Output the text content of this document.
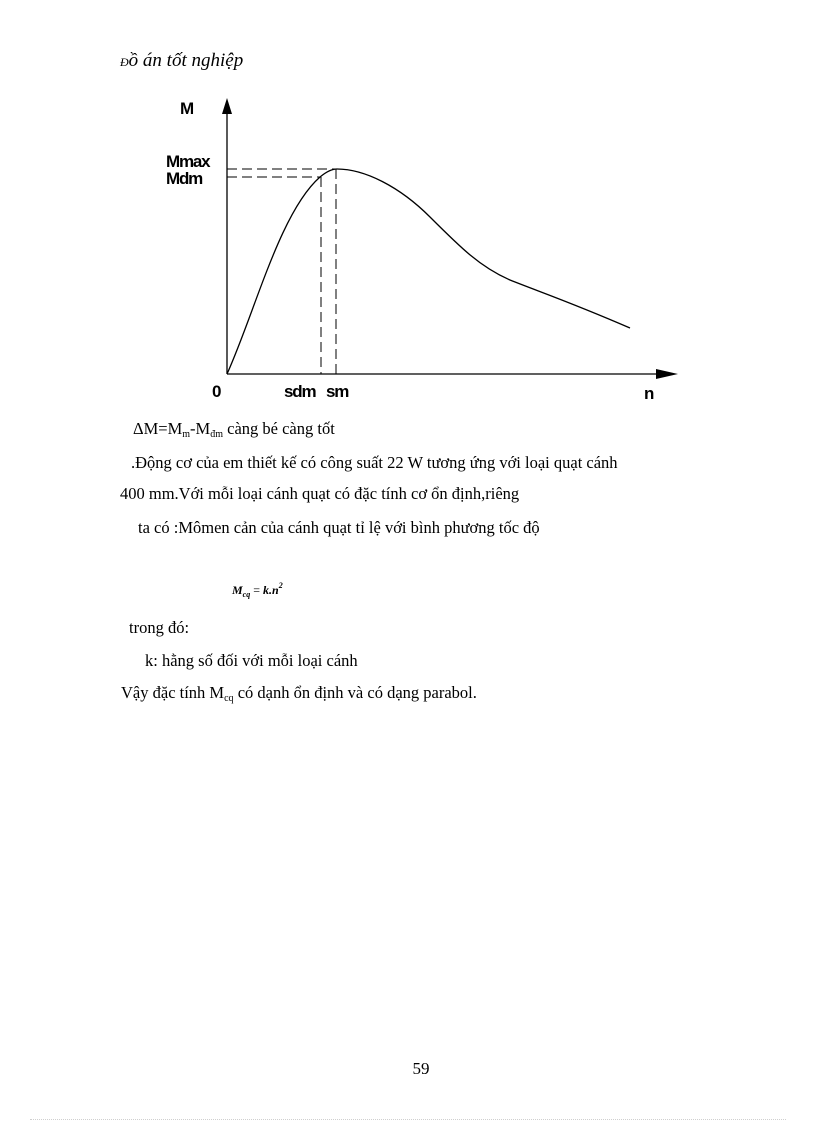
Đồ án tốt nghiệp
M
Mmax
Mdm
0	sdm sm	n
$\Delta M=M_m-M_{đm}$ càng bé càng tốt
.Động cơ của em thiết kế có công suất 22 W tương ứng với loại quạt cánh
400 mm.Với mỗi loại cánh quạt có đặc tính cơ ổn định,riêng
ta có :Mômen cản của cánh quạt tỉ lệ với bình phương tốc độ
$M_{cq} = k.n^2$
trong đó:
k: hằng số đối với mỗi loại cánh
Vậy đặc tính $M_{cq}$ có dạnh ổn định và có dạng parabol.
59
